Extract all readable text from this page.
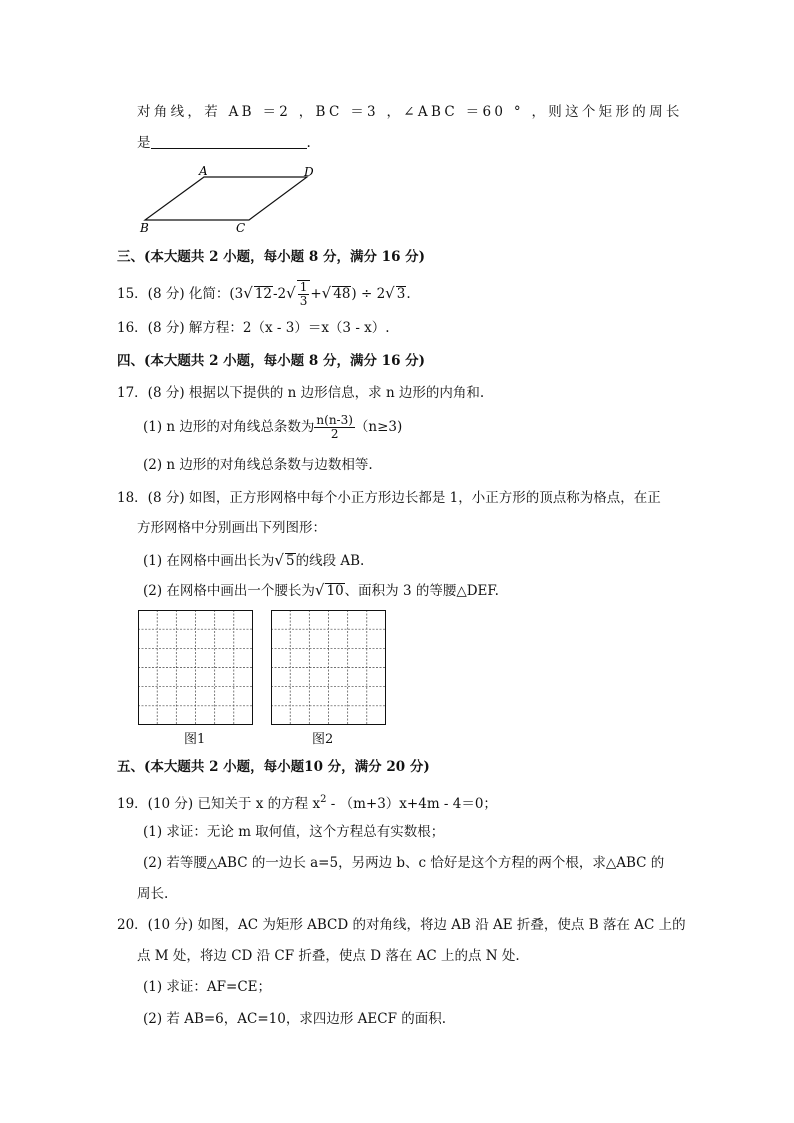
对角线，若 AB ＝2 ，BC ＝3 ，∠ABC ＝60 ° ，则这个矩形的周长
是	.
A	D
B	C
三、(本大题共 2 小题，每小题 8 分，满分 16 分)
15．(8 分) 化简：(3√ $12-2√ \frac{1}{3}$ +√ 48) ÷ 2√ 3.
16．(8 分) 解方程：2（x - 3）＝x（3 - x）.
四、(本大题共 2 小题，每小题 8 分，满分 16 分)
17．(8 分) 根据以下提供的 n 边形信息，求 n 边形的内角和.
(1) n 边形的对角线总条数为 $\frac{n(n-3)}{2} (n\ge 3)$
(2) n 边形的对角线总条数与边数相等.
18．(8 分) 如图，正方形网格中每个小正方形边长都是 1，小正方形的顶点称为格点，在正
方形网格中分别画出下列图形：
(1) 在网格中画出长为√ 5的线段 AB.
(2) 在网格中画出一个腰长为√ 10、面积为 3 的等腰△DEF.
图1	图2
五、(本大题共 2 小题，每小题10 分，满分 20 分)
19．(10 分) 已知关于 x 的方程 $x^2 - (m+3)x+4m - 4=0$；
(1) 求证：无论 m 取何值，这个方程总有实数根；
(2) 若等腰△ABC 的一边长 a=5，另两边 b、c 恰好是这个方程的两个根，求△ABC 的
周长.
20．(10 分) 如图，AC 为矩形 ABCD 的对角线，将边 AB 沿 AE 折叠，使点 B 落在 AC 上的
点 M 处，将边 CD 沿 CF 折叠，使点 D 落在 AC 上的点 N 处.
(1) 求证：AF=CE；
(2) 若 AB=6，AC=10，求四边形 AECF 的面积.
